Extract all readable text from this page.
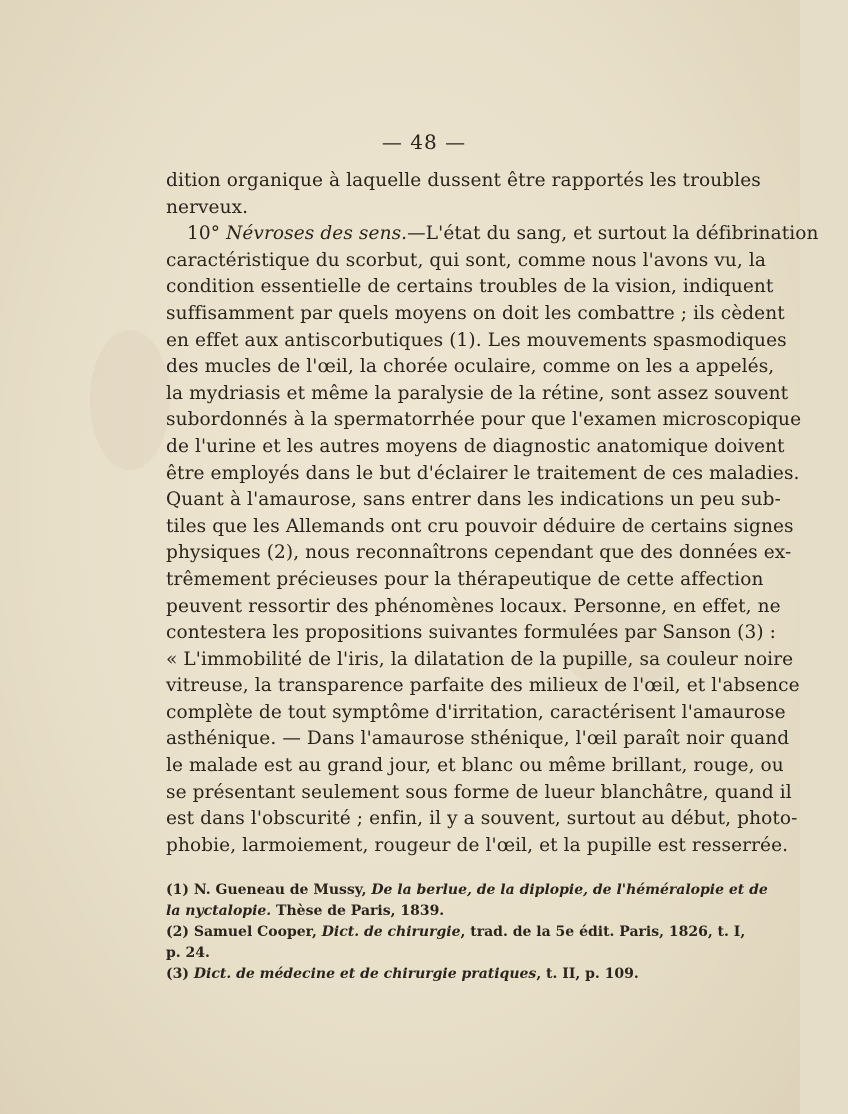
— 48 —
dition organique à laquelle dussent être rapportés les troubles
nerveux.
10° Névroses des sens.—L'état du sang, et surtout la défibrination
caractéristique du scorbut, qui sont, comme nous l'avons vu, la
condition essentielle de certains troubles de la vision, indiquent
suffisamment par quels moyens on doit les combattre ; ils cèdent
en effet aux antiscorbutiques (1). Les mouvements spasmodiques
des mucles de l'œil, la chorée oculaire, comme on les a appelés,
la mydriasis et même la paralysie de la rétine, sont assez souvent
subordonnés à la spermatorrhée pour que l'examen microscopique
de l'urine et les autres moyens de diagnostic anatomique doivent
être employés dans le but d'éclairer le traitement de ces maladies.
Quant à l'amaurose, sans entrer dans les indications un peu sub-
tiles que les Allemands ont cru pouvoir déduire de certains signes
physiques (2), nous reconnaîtrons cependant que des données ex-
trêmement précieuses pour la thérapeutique de cette affection
peuvent ressortir des phénomènes locaux. Personne, en effet, ne
contestera les propositions suivantes formulées par Sanson (3) :
« L'immobilité de l'iris, la dilatation de la pupille, sa couleur noire
vitreuse, la transparence parfaite des milieux de l'œil, et l'absence
complète de tout symptôme d'irritation, caractérisent l'amaurose
asthénique. — Dans l'amaurose sthénique, l'œil paraît noir quand
le malade est au grand jour, et blanc ou même brillant, rouge, ou
se présentant seulement sous forme de lueur blanchâtre, quand il
est dans l'obscurité ; enfin, il y a souvent, surtout au début, photo-
phobie, larmoiement, rougeur de l'œil, et la pupille est resserrée.
(1) N. Gueneau de Mussy, De la berlue, de la diplopie, de l'héméralopie et de
la nyctalopie. Thèse de Paris, 1839.
(2) Samuel Cooper, Dict. de chirurgie, trad. de la 5e édit. Paris, 1826, t. I,
p. 24.
(3) Dict. de médecine et de chirurgie pratiques, t. II, p. 109.
